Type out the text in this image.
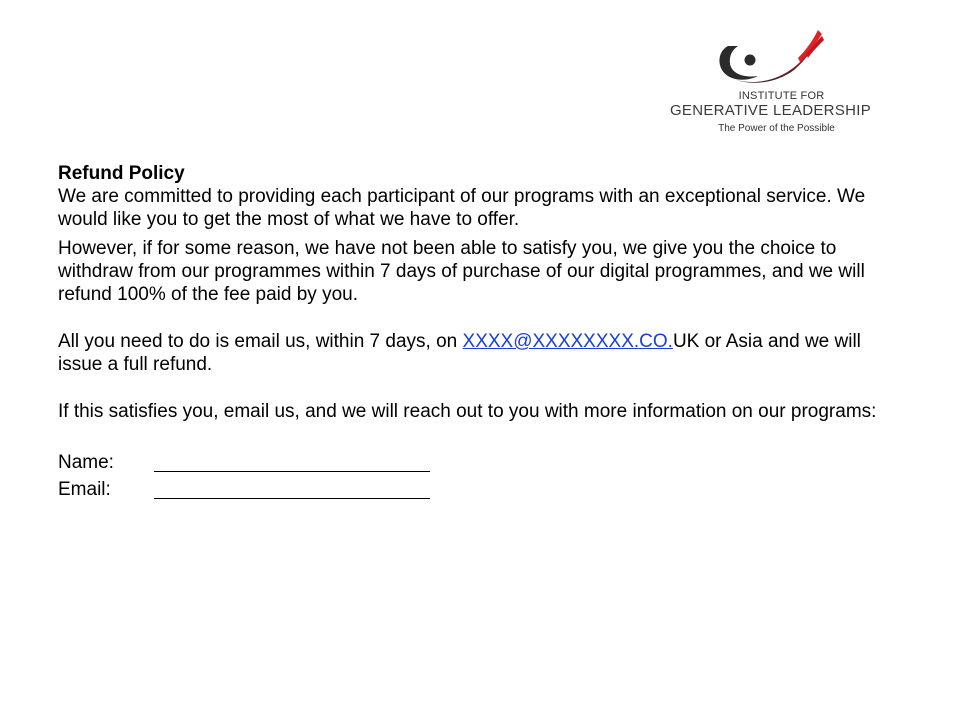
INSTITUTE FOR
GENERATIVE LEADERSHIP
The Power of the Possible

Refund Policy

We are committed to providing each participant of our programs with an exceptional service. We would like you to get the most of what we have to offer.

However, if for some reason, we have not been able to satisfy you, we give you the choice to withdraw from our programmes within 7 days of purchase of our digital programmes, and we will refund 100% of the fee paid by you.

All you need to do is email us, within 7 days, on XXXX@XXXXXXXX.CO.UK or Asia and we will issue a full refund.

If this satisfies you, email us, and we will reach out to you with more information on our programs:

Name:
Email:
